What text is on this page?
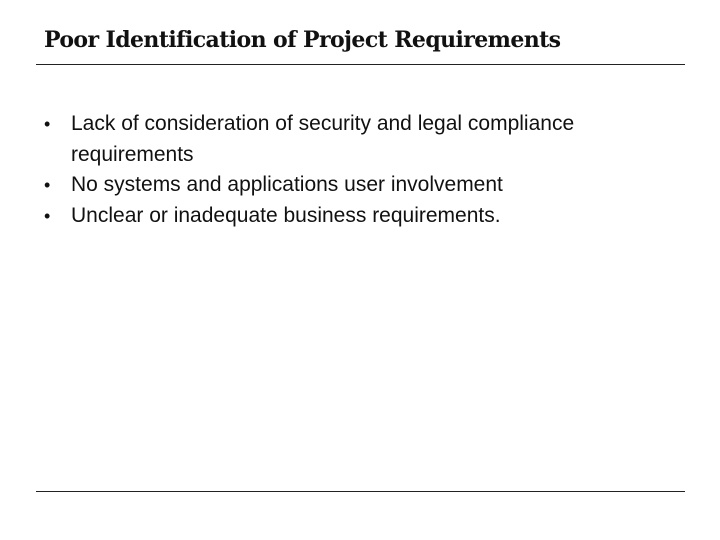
Poor Identification of Project Requirements
• Lack of consideration of security and legal compliance requirements
• No systems and applications user involvement
• Unclear or inadequate business requirements.
